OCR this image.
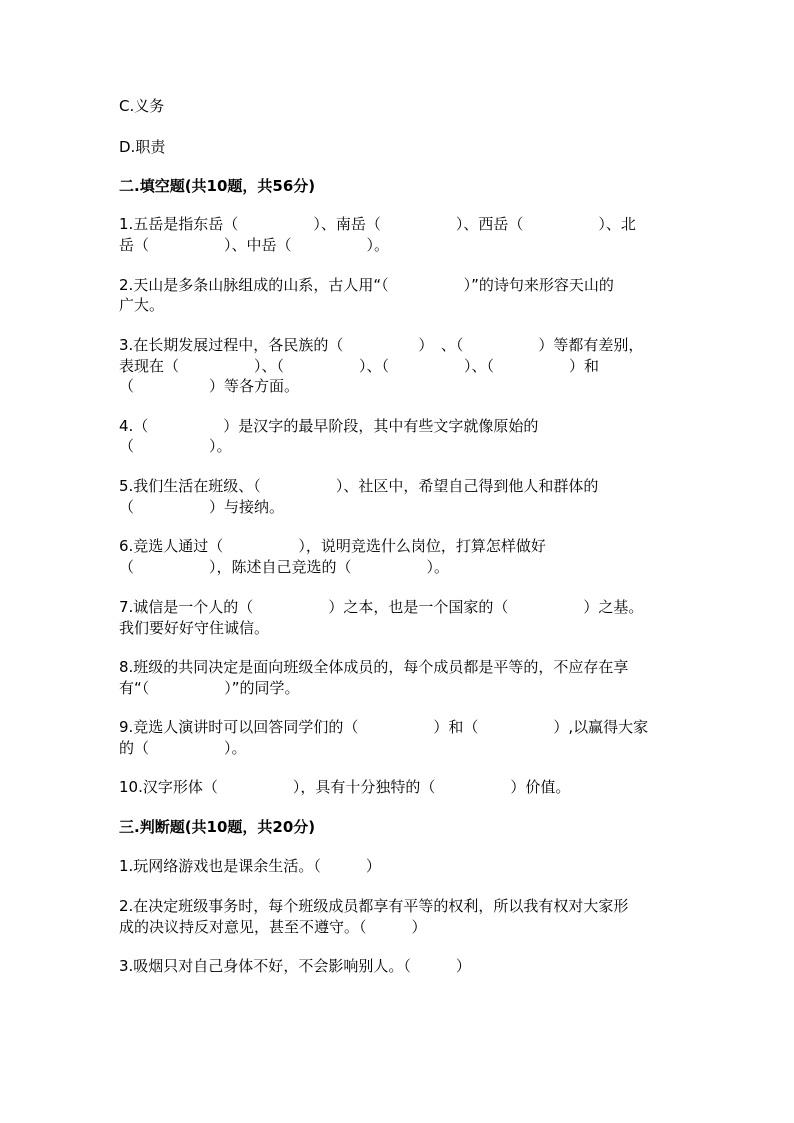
C.义务
D.职责
二.填空题(共10题，共56分)
1.五岳是指东岳（　　　　　）、南岳（　　　　　）、西岳（　　　　　）、北
岳（　　　　　）、中岳（　　　　　）。
2.天山是多条山脉组成的山系，古人用“（　　　　　）”的诗句来形容天山的
广大。
3.在长期发展过程中，各民族的（　　　　　）　、（　　　　　）等都有差别，
表现在（　　　　　）、（　　　　　）、（　　　　　）、（　　　　　）和
（　　　　　）等各方面。
4.（　　　　　）是汉字的最早阶段，其中有些文字就像原始的
（　　　　　）。
5.我们生活在班级、（　　　　　）、社区中，希望自己得到他人和群体的
（　　　　　）与接纳。
6.竞选人通过（　　　　　），说明竞选什么岗位，打算怎样做好
（　　　　　），陈述自己竞选的（　　　　　）。
7.诚信是一个人的（　　　　　）之本，也是一个国家的（　　　　　）之基。
我们要好好守住诚信。
8.班级的共同决定是面向班级全体成员的，每个成员都是平等的，不应存在享
有“（　　　　　）”的同学。
9.竞选人演讲时可以回答同学们的（　　　　　）和（　　　　　）,以赢得大家
的（　　　　　）。
10.汉字形体（　　　　　），具有十分独特的（　　　　　）价值。
三.判断题(共10题，共20分)
1.玩网络游戏也是课余生活。（　　　）
2.在决定班级事务时，每个班级成员都享有平等的权利，所以我有权对大家形
成的决议持反对意见，甚至不遵守。（　　　）
3.吸烟只对自己身体不好，不会影响别人。（　　　）
